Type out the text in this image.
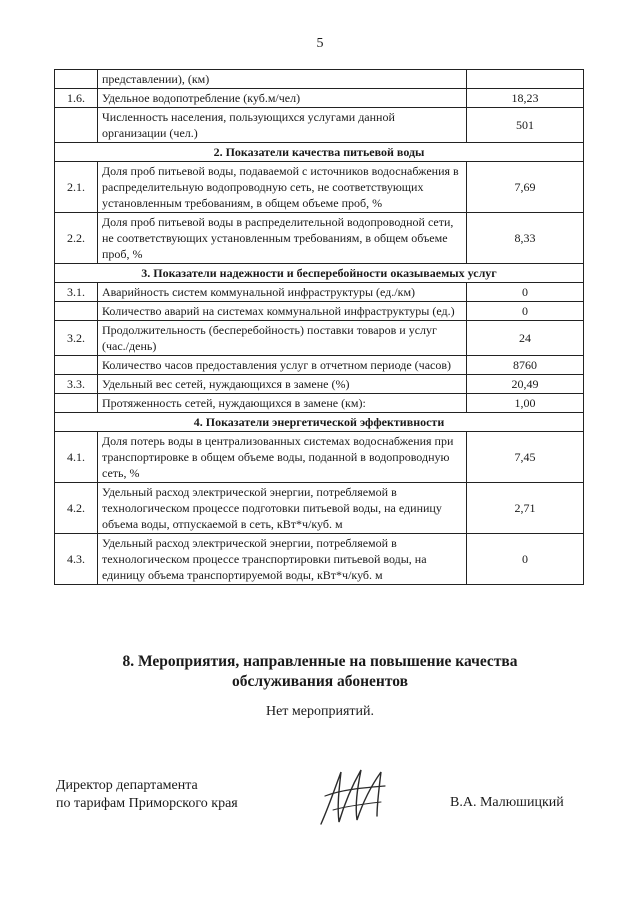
5
	представлении), (км)	
1.6.	Удельное водопотребление (куб.м/чел)	18,23
	Численность населения, пользующихся услугами данной организации (чел.)	501
2. Показатели качества питьевой воды		
2.1.	Доля проб питьевой воды, подаваемой с источников водоснабжения в распределительную водопроводную сеть, не соответствующих установленным требованиям, в общем объеме проб, %	7,69
2.2.	Доля проб питьевой воды в распределительной водопроводной сети, не соответствующих установленным требованиям, в общем объеме проб, %	8,33
3. Показатели надежности и бесперебойности оказываемых услуг		
3.1.	Аварийность систем коммунальной инфраструктуры (ед./км)	0
	Количество аварий на системах коммунальной инфраструктуры (ед.)	0
3.2.	Продолжительность (бесперебойность) поставки товаров и услуг (час./день)	24
	Количество часов предоставления услуг в отчетном периоде (часов)	8760
3.3.	Удельный вес сетей, нуждающихся в замене (%)	20,49
	Протяженность сетей, нуждающихся в замене (км):	1,00
4. Показатели энергетической эффективности		
4.1.	Доля потерь воды в централизованных системах водоснабжения при транспортировке в общем объеме воды, поданной в водопроводную сеть, %	7,45
4.2.	Удельный расход электрической энергии, потребляемой в технологическом процессе подготовки питьевой воды, на единицу объема воды, отпускаемой в сеть, кВт*ч/куб. м	2,71
4.3.	Удельный расход электрической энергии, потребляемой в технологическом процессе транспортировки питьевой воды, на единицу объема транспортируемой воды, кВт*ч/куб. м	0
8. Мероприятия, направленные на повышение качества
обслуживания абонентов
Нет мероприятий.
Директор департамента
по тарифам Приморского края	В.А. Малюшицкий
